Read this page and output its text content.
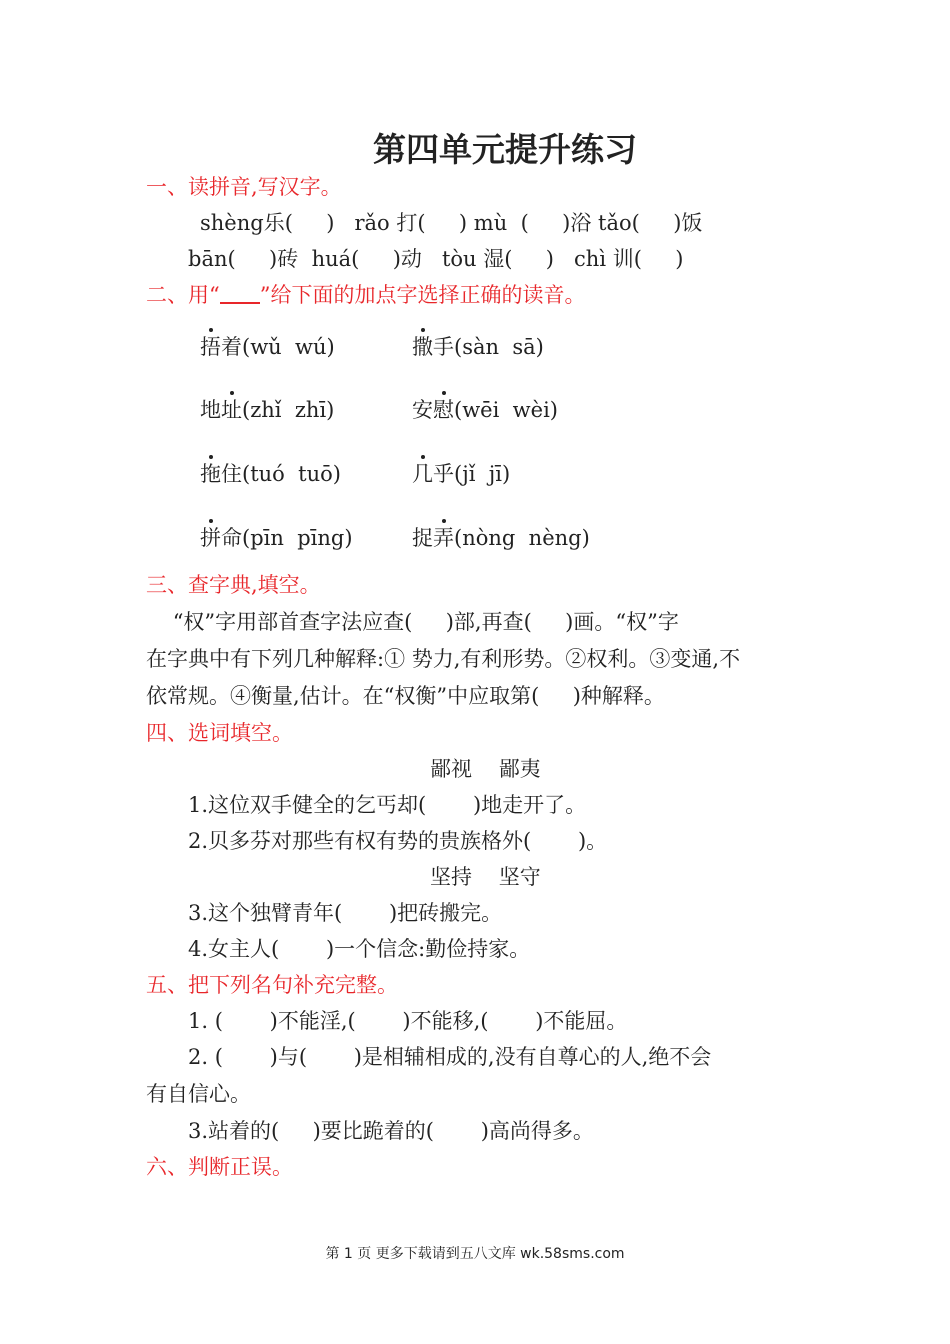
第四单元提升练习
一、读拼音,写汉字。
shèng乐(     )   rǎo 打(     ) mù  (     )浴 tǎo(     )饭
bān(     )砖  huá(     )动   tòu 湿(     )   chì 训(     )
二、用“ ”给下面的加点字选择正确的读音。
捂着(wǔ  wú)	撒手(sàn  sā)
地址(zhǐ  zhī)	安慰(wēi  wèi)
拖住(tuó  tuō)	几乎(jǐ  jī)
拼命(pīn  pīng)	捉弄(nòng  nèng)
三、查字典,填空。
“权”字用部首查字法应查(     )部,再查(     )画。“权”字
在字典中有下列几种解释:① 势力,有利形势。②权利。③变通,不
依常规。④衡量,估计。在“权衡”中应取第(     )种解释。
四、选词填空。
鄙视    鄙夷
1.这位双手健全的乞丐却(       )地走开了。
2.贝多芬对那些有权有势的贵族格外(       )。
坚持    坚守
3.这个独臂青年(       )把砖搬完。
4.女主人(       )一个信念:勤俭持家。
五、把下列名句补充完整。
1. (       )不能淫,(       )不能移,(       )不能屈。
2. (       )与(       )是相辅相成的,没有自尊心的人,绝不会
有自信心。
3.站着的(     )要比跪着的(       )高尚得多。
六、判断正误。
第 1 页 更多下载请到五八文库 wk.58sms.com
